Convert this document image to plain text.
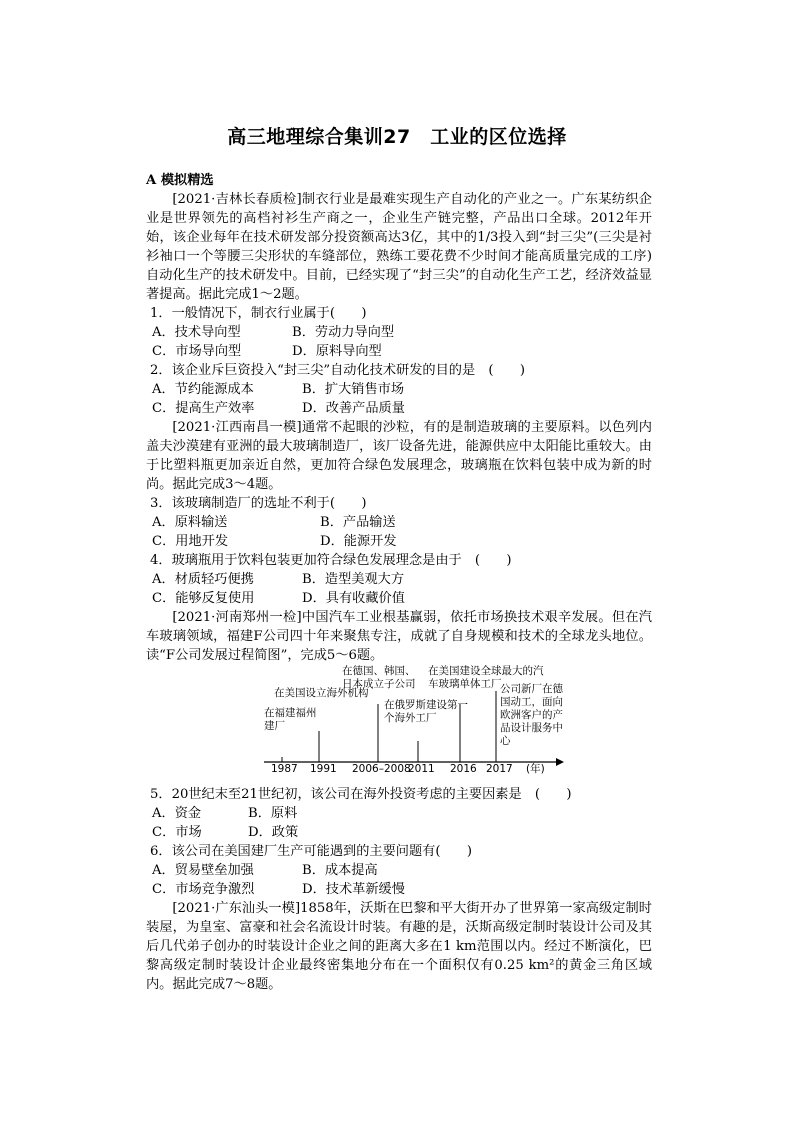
高三地理综合集训27　工业的区位选择

A 模拟精选

[2021·吉林长春质检]制衣行业是最难实现生产自动化的产业之一。广东某纺织企业是世界领先的高档衬衫生产商之一，企业生产链完整，产品出口全球。2012年开始，该企业每年在技术研发部分投资额高达3亿，其中的1/3投入到“封三尖”(三尖是衬衫袖口一个等腰三尖形状的车缝部位，熟练工要花费不少时间才能高质量完成的工序)自动化生产的技术研发中。目前，已经实现了“封三尖”的自动化生产工艺，经济效益显著提高。据此完成1～2题。

1．一般情况下，制衣行业属于(　　)

A．技术导向型	B．劳动力导向型
C．市场导向型	D．原料导向型

2．该企业斥巨资投入“封三尖”自动化技术研发的目的是　(　　)

A．节约能源成本	B．扩大销售市场
C．提高生产效率	D．改善产品质量

[2021·江西南昌一模]通常不起眼的沙粒，有的是制造玻璃的主要原料。以色列内盖夫沙漠建有亚洲的最大玻璃制造厂，该厂设备先进，能源供应中太阳能比重较大。由于比塑料瓶更加亲近自然，更加符合绿色发展理念，玻璃瓶在饮料包装中成为新的时尚。据此完成3～4题。

3．该玻璃制造厂的选址不利于(　　)

A．原料输送	B．产品输送
C．用地开发	D．能源开发

4．玻璃瓶用于饮料包装更加符合绿色发展理念是由于　(　　)

A．材质轻巧便携	B．造型美观大方
C．能够反复使用	D．具有收藏价值

[2021·河南郑州一检]中国汽车工业根基赢弱，依托市场换技术艰辛发展。但在汽车玻璃领域，福建F公司四十年来聚焦专注，成就了自身规模和技术的全球龙头地位。读“F公司发展过程简图”，完成5～6题。

在福建福州建厂
在美国设立海外机构
在德国、韩国、日本成立子公司
在俄罗斯建设第一个海外工厂
在美国建设全球最大的汽车玻璃单体工厂
公司新厂在德国动工，面向欧洲客户的产品设计服务中心
1987 1991 2006–2008
2011 2016 2017 (年)

5．20世纪末至21世纪初，该公司在海外投资考虑的主要因素是　(　　)

A．资金	B．原料
C．市场	D．政策

6．该公司在美国建厂生产可能遇到的主要问题有(　　)

A．贸易壁垒加强	B．成本提高
C．市场竞争激烈	D．技术革新缓慢

[2021·广东汕头一模]1858年，沃斯在巴黎和平大街开办了世界第一家高级定制时装屋，为皇室、富豪和社会名流设计时装。有趣的是，沃斯高级定制时装设计公司及其后几代弟子创办的时装设计企业之间的距离大多在1 km范围以内。经过不断演化，巴黎高级定制时装设计企业最终密集地分布在一个面积仅有0.25 km²的黄金三角区域内。据此完成7～8题。
